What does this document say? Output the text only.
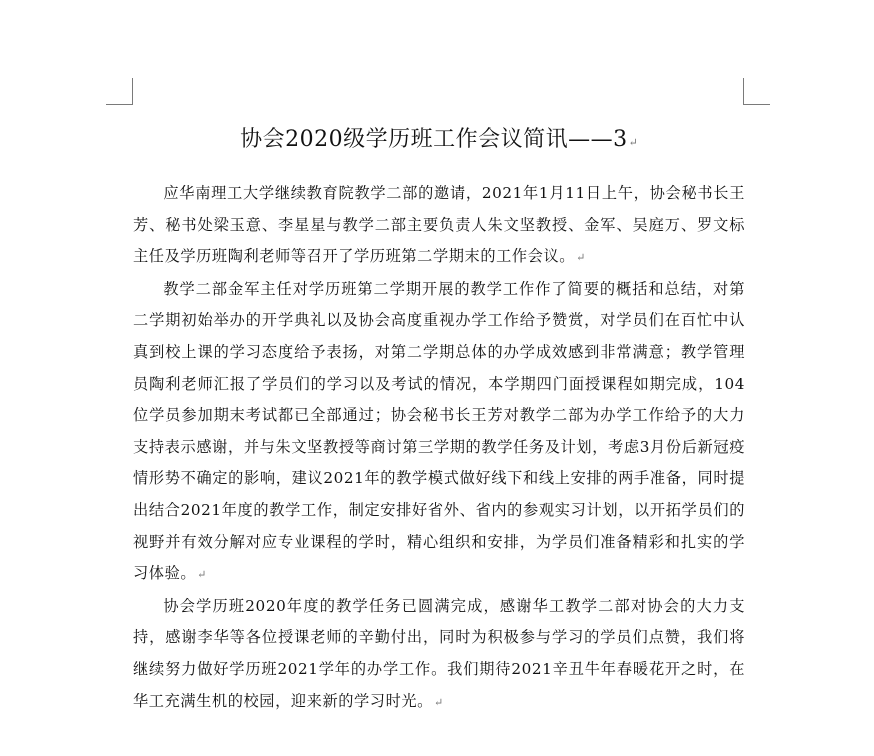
协会2020级学历班工作会议简讯——3↵

应华南理工大学继续教育院教学二部的邀请，2021年1月11日上午，协会秘书长王芳、秘书处梁玉意、李星星与教学二部主要负责人朱文坚教授、金军、吴庭万、罗文标主任及学历班陶利老师等召开了学历班第二学期末的工作会议。↵

教学二部金军主任对学历班第二学期开展的教学工作作了简要的概括和总结，对第二学期初始举办的开学典礼以及协会高度重视办学工作给予赞赏，对学员们在百忙中认真到校上课的学习态度给予表扬，对第二学期总体的办学成效感到非常满意；教学管理员陶利老师汇报了学员们的学习以及考试的情况，本学期四门面授课程如期完成，104位学员参加期末考试都已全部通过；协会秘书长王芳对教学二部为办学工作给予的大力支持表示感谢，并与朱文坚教授等商讨第三学期的教学任务及计划，考虑3月份后新冠疫情形势不确定的影响，建议2021年的教学模式做好线下和线上安排的两手准备，同时提出结合2021年度的教学工作，制定安排好省外、省内的参观实习计划，以开拓学员们的视野并有效分解对应专业课程的学时，精心组织和安排，为学员们准备精彩和扎实的学习体验。↵

协会学历班2020年度的教学任务已圆满完成，感谢华工教学二部对协会的大力支持，感谢李华等各位授课老师的辛勤付出，同时为积极参与学习的学员们点赞，我们将继续努力做好学历班2021学年的办学工作。我们期待2021辛丑牛年春暖花开之时，在华工充满生机的校园，迎来新的学习时光。↵
